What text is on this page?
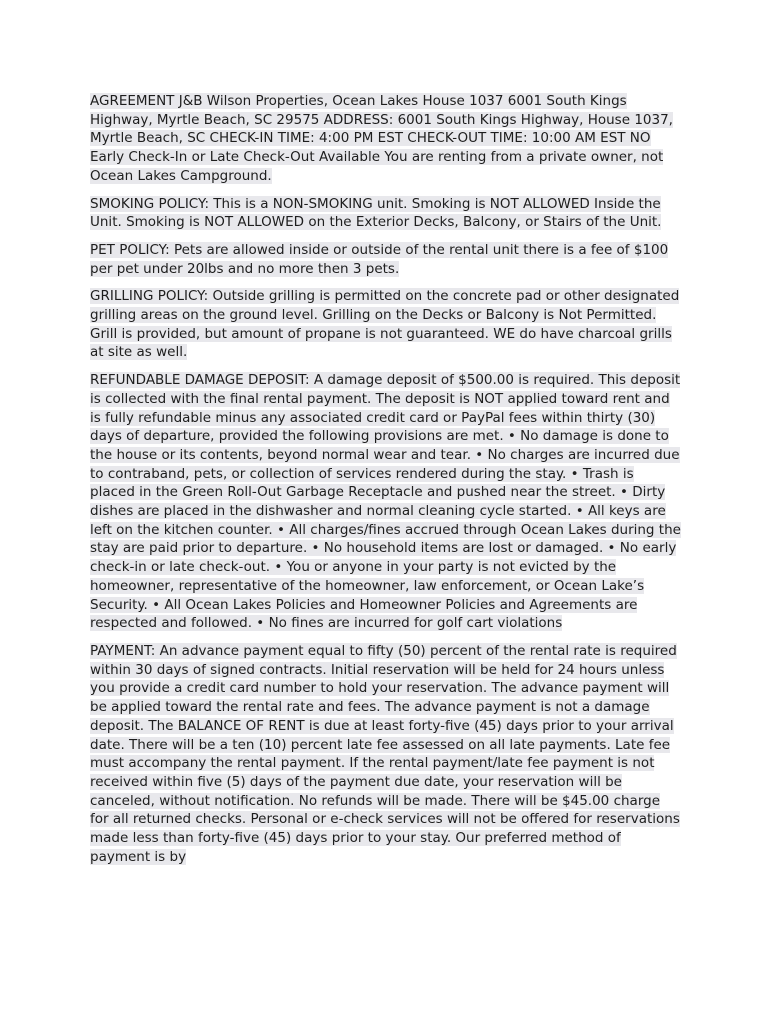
AGREEMENT J&B Wilson Properties, Ocean Lakes House 1037 6001 South Kings Highway, Myrtle Beach, SC 29575 ADDRESS: 6001 South Kings Highway, House 1037, Myrtle Beach, SC CHECK-IN TIME: 4:00 PM EST CHECK-OUT TIME: 10:00 AM EST NO Early Check-In or Late Check-Out Available You are renting from a private owner, not Ocean Lakes Campground.

SMOKING POLICY: This is a NON-SMOKING unit. Smoking is NOT ALLOWED Inside the Unit. Smoking is NOT ALLOWED on the Exterior Decks, Balcony, or Stairs of the Unit.

PET POLICY: Pets are allowed inside or outside of the rental unit there is a fee of $100 per pet under 20lbs and no more then 3 pets.

GRILLING POLICY: Outside grilling is permitted on the concrete pad or other designated grilling areas on the ground level. Grilling on the Decks or Balcony is Not Permitted. Grill is provided, but amount of propane is not guaranteed. WE do have charcoal grills at site as well.

REFUNDABLE DAMAGE DEPOSIT: A damage deposit of $500.00 is required. This deposit is collected with the final rental payment. The deposit is NOT applied toward rent and is fully refundable minus any associated credit card or PayPal fees within thirty (30) days of departure, provided the following provisions are met. • No damage is done to the house or its contents, beyond normal wear and tear. • No charges are incurred due to contraband, pets, or collection of services rendered during the stay. • Trash is placed in the Green Roll-Out Garbage Receptacle and pushed near the street. • Dirty dishes are placed in the dishwasher and normal cleaning cycle started. • All keys are left on the kitchen counter. • All charges/fines accrued through Ocean Lakes during the stay are paid prior to departure. • No household items are lost or damaged. • No early check-in or late check-out. • You or anyone in your party is not evicted by the homeowner, representative of the homeowner, law enforcement, or Ocean Lake’s Security. • All Ocean Lakes Policies and Homeowner Policies and Agreements are respected and followed. • No fines are incurred for golf cart violations

PAYMENT: An advance payment equal to fifty (50) percent of the rental rate is required within 30 days of signed contracts. Initial reservation will be held for 24 hours unless you provide a credit card number to hold your reservation. The advance payment will be applied toward the rental rate and fees. The advance payment is not a damage deposit. The BALANCE OF RENT is due at least forty-five (45) days prior to your arrival date. There will be a ten (10) percent late fee assessed on all late payments. Late fee must accompany the rental payment. If the rental payment/late fee payment is not received within five (5) days of the payment due date, your reservation will be canceled, without notification. No refunds will be made. There will be $45.00 charge for all returned checks. Personal or e-check services will not be offered for reservations made less than forty-five (45) days prior to your stay. Our preferred method of payment is by
